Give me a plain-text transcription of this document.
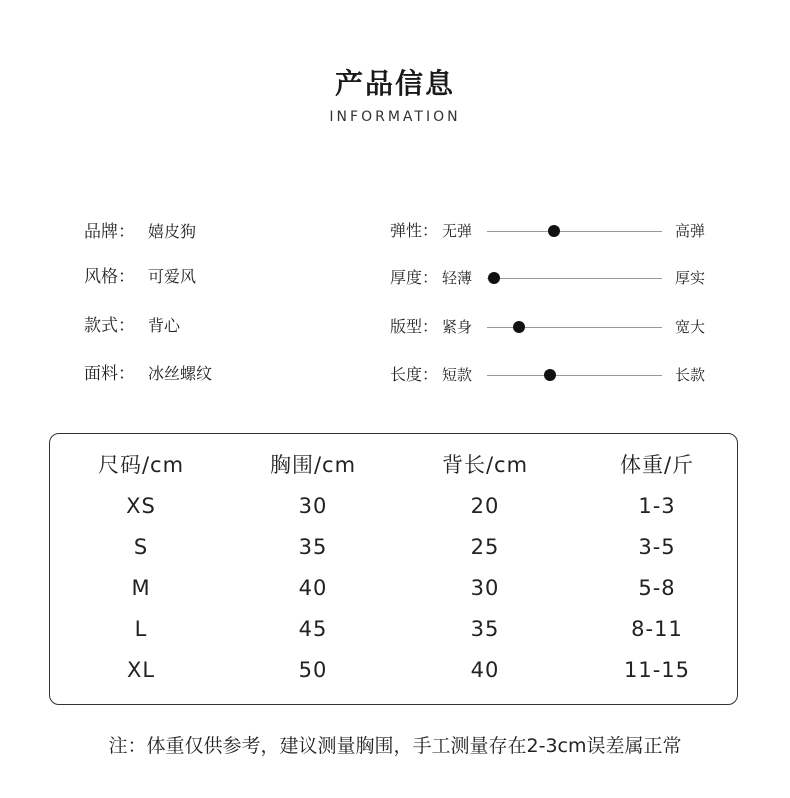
产品信息
INFORMATION
品牌： 嬉皮狗
风格： 可爱风
款式： 背心
面料： 冰丝螺纹
弹性： 无弹	高弹
厚度： 轻薄	厚实
版型： 紧身	宽大
长度： 短款	长款
尺码/cm	胸围/cm	背长/cm	体重/斤
XS	30	20	1-3
S	35	25	3-5
M	40	30	5-8
L	45	35	8-11
XL	50	40	11-15
注：体重仅供参考，建议测量胸围，手工测量存在2-3cm误差属正常
